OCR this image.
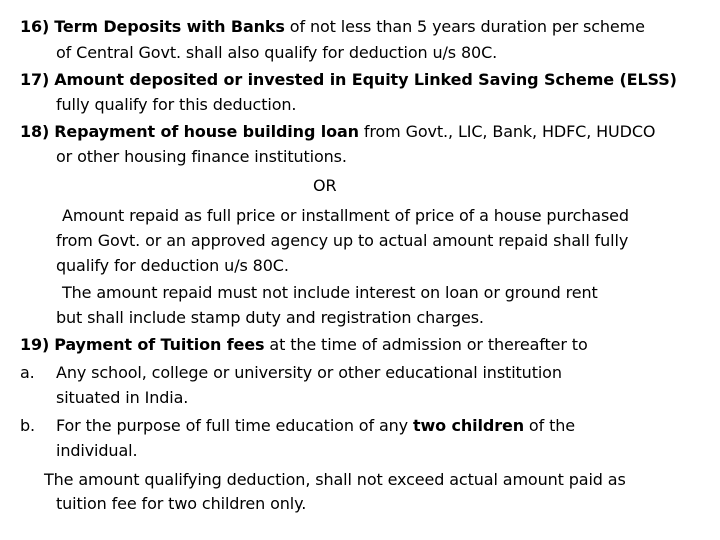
16) Term Deposits with Banks of not less than 5 years duration per scheme
of Central Govt. shall also qualify for deduction u/s 80C.
17) Amount deposited or invested in Equity Linked Saving Scheme (ELSS)
fully qualify for this deduction.
18) Repayment of house building loan from Govt., LIC, Bank, HDFC, HUDCO
or other housing finance institutions.
OR
Amount repaid as full price or installment of price of a house purchased
from Govt. or an approved agency up to actual amount repaid shall fully
qualify for deduction u/s 80C.
The amount repaid must not include interest on loan or ground rent
but shall include stamp duty and registration charges.
19) Payment of Tuition fees at the time of admission or thereafter to
a. Any school, college or university or other educational institution
situated in India.
b. For the purpose of full time education of any two children of the
individual.
The amount qualifying deduction, shall not exceed actual amount paid as
tuition fee for two children only.
